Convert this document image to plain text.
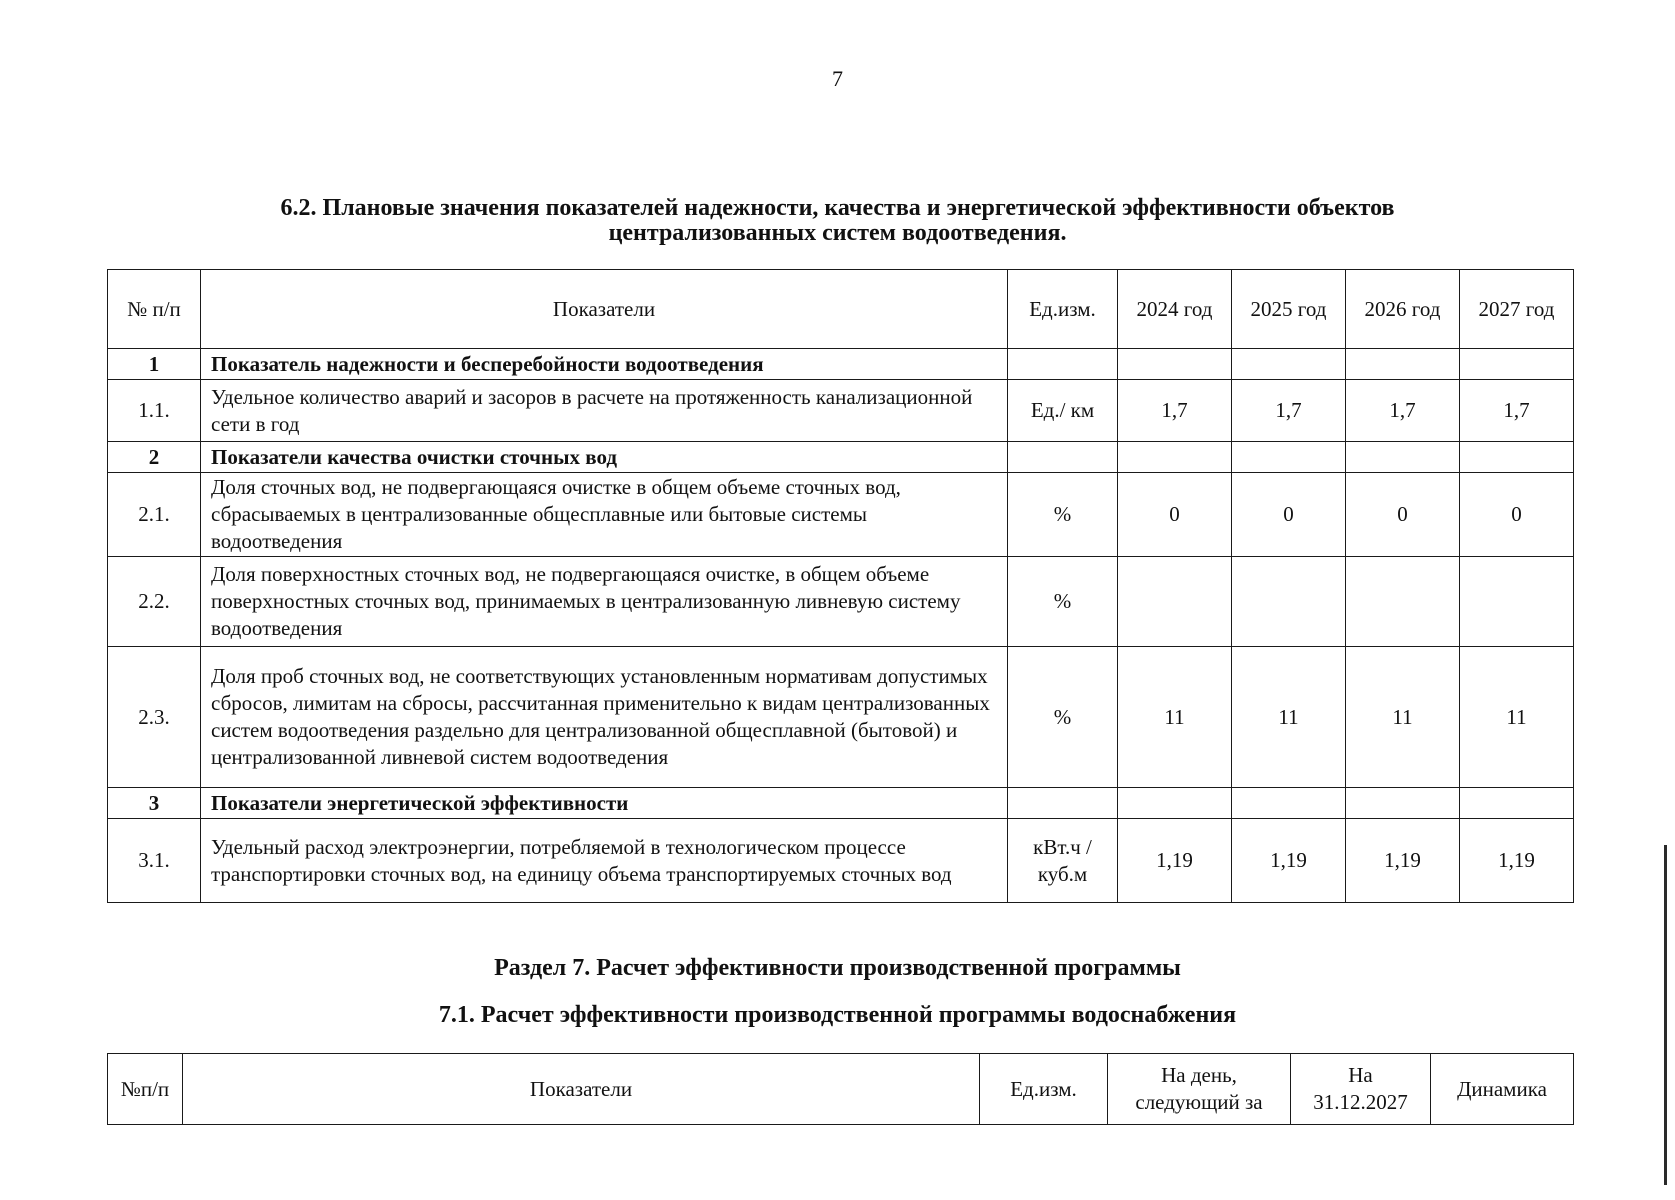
7
6.2. Плановые значения показателей надежности, качества и энергетической эффективности объектов
централизованных систем водоотведения.
№ п/п	Показатели	Ед.изм.	2024 год	2025 год	2026 год	2027 год
1	Показатель надежности и бесперебойности водоотведения					
1.1.	Удельное количество аварий и засоров в расчете на протяженность канализационной сети в год	Ед./ км	1,7	1,7	1,7	1,7
2	Показатели качества очистки сточных вод					
2.1.	Доля сточных вод, не подвергающаяся очистке в общем объеме сточных вод, сбрасываемых в централизованные общесплавные или бытовые системы водоотведения	%	0	0	0	0
2.2.	Доля поверхностных сточных вод, не подвергающаяся очистке, в общем объеме поверхностных сточных вод, принимаемых в централизованную ливневую систему водоотведения	%				
2.3.	Доля проб сточных вод, не соответствующих установленным нормативам допустимых сбросов, лимитам на сбросы, рассчитанная применительно к видам централизованных систем водоотведения раздельно для централизованной общесплавной (бытовой) и централизованной ливневой систем водоотведения	%	11	11	11	11
3	Показатели энергетической эффективности					
3.1.	Удельный расход электроэнергии, потребляемой в технологическом процессе транспортировки сточных вод, на единицу объема транспортируемых сточных вод	кВт.ч / куб.м	1,19	1,19	1,19	1,19
Раздел 7. Расчет эффективности производственной программы
7.1. Расчет эффективности производственной программы водоснабжения
№п/п	Показатели	Ед.изм.	На день, следующий за	На 31.12.2027	Динамика
